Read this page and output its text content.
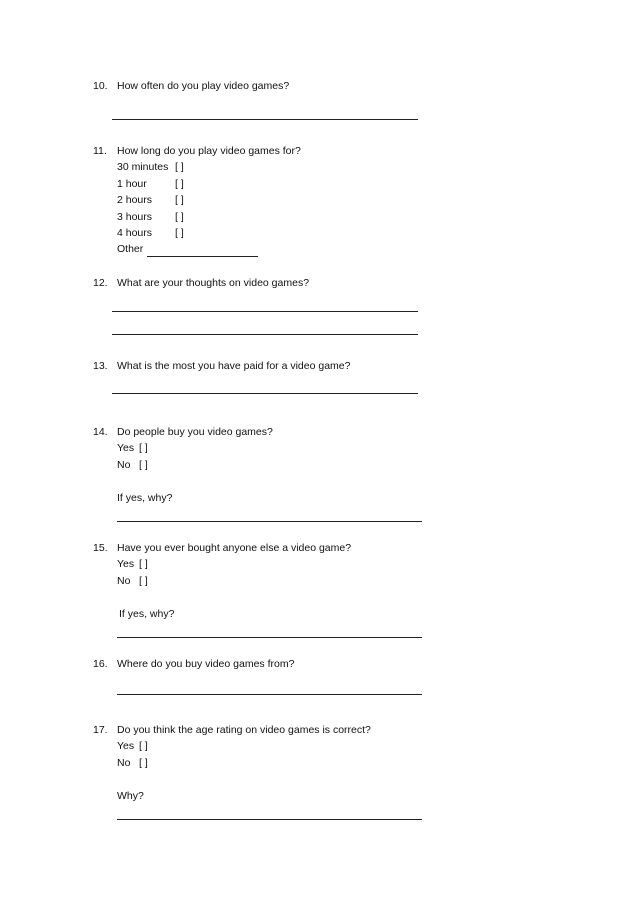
10. How often do you play video games?
11. How long do you play video games for?
30 minutes [ ]
1 hour	[ ]
2 hours [ ]
3 hours [ ]
4 hours [ ]
Other
12. What are your thoughts on video games?
13. What is the most you have paid for a video game?
14. Do people buy you video games?
Yes [ ]
No [ ]
If yes, why?
15. Have you ever bought anyone else a video game?
Yes [ ]
No [ ]
If yes, why?
16. Where do you buy video games from?
17. Do you think the age rating on video games is correct?
Yes [ ]
No [ ]
Why?
